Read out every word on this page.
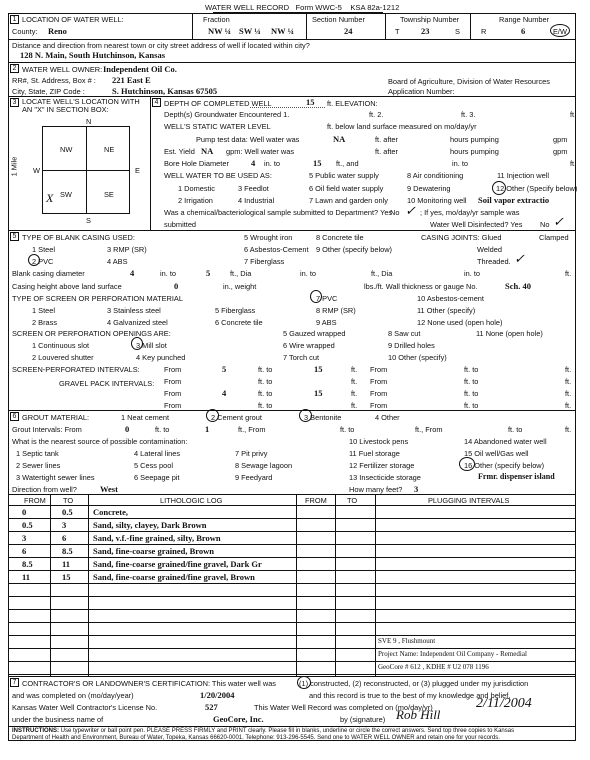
WATER WELL RECORD Form WWC-5 KSA 82a-1212
1 LOCATION OF WATER WELL:
County: Reno
Fraction
NW ¼ SW ¼ NW ¼
Section Number
24
Township Number
T	23	S
Range Number
R	6	E/W
Distance and direction from nearest town or city street address of well if located within city?
128 N. Main, South Hutchinson, Kansas
2 WATER WELL OWNER: Independent Oil Co.
RR#, St. Address, Box # : 221 East E
City, State, ZIP Code :	S. Hutchinson, Kansas 67505
Board of Agriculture, Division of Water Resources
Application Number:
3 LOCATE WELL'S LOCATION WITH AN "X" IN SECTION BOX:
N
NW	NE
SW	SE
X
W	E
S
1 Mile
4 DEPTH OF COMPLETED WELL	15 ft. ELEVATION:
Depth(s) Groundwater Encountered 1.	ft. 2.	ft. 3.	ft.
WELL'S STATIC WATER LEVEL	ft. below land surface measured on mo/day/yr
Pump test data: Well water was	NA	ft. after	hours pumping	gpm
Est. Yield NA gpm: Well water was	ft. after	hours pumping	gpm
Bore Hole Diameter	4 in. to	15 ft., and	in. to	ft.
WELL WATER TO BE USED AS:	5 Public water supply	8 Air conditioning	11 Injection well
1 Domestic	3 Feedlot	6 Oil field water supply	9 Dewatering	12 Other (Specify below)
2 Irrigation	4 Industrial	7 Lawn and garden only	10 Monitoring well Soil vapor extractio
Was a chemical/bacteriological sample submitted to Department? Yes
No ✓ ; If yes, mo/day/yr sample was
submitted	Water Well Disinfected? Yes No ✓
5 TYPE OF BLANK CASING USED:	5 Wrought iron	8 Concrete tile	CASING JOINTS: Glued	Clamped
1 Steel	3 RMP (SR)	6 Asbestos-Cement 9 Other (specify below)	Welded
2 PVC	4 ABS	7 Fiberglass	Threaded. ✓
Blank casing diameter	4	in. to	5	ft., Dia	in. to	ft., Dia	in. to	ft.
Casing height above land surface	0	in., weight	lbs./ft. Wall thickness or gauge No.	Sch. 40
TYPE OF SCREEN OR PERFORATION MATERIAL	7 PVC	10 Asbestos-cement
1 Steel	3 Stainless steel	5 Fiberglass	8 RMP (SR)	11 Other (specify)
2 Brass	4 Galvanized steel	6 Concrete tile	9 ABS	12 None used (open hole)
SCREEN OR PERFORATION OPENINGS ARE:	5 Gauzed wrapped	8 Saw cut	11 None (open hole)
1 Continuous slot	3 Mill slot	6 Wire wrapped	9 Drilled holes
2 Louvered shutter	4 Key punched	7 Torch cut	10 Other (specify)
SCREEN-PERFORATED INTERVALS:	From	5	ft. to	15	ft. From	ft. to	ft.
From	ft. to	ft. From	ft. to	ft.
GRAVEL PACK INTERVALS:
From	4	ft. to	15	ft. From	ft. to	ft.
From	ft. to	ft. From	ft. to	ft.
6 GROUT MATERIAL:	1 Neat cement	2 Cement grout	3 Bentonite	4 Other
Grout Intervals: From	0	ft. to	1	ft., From	ft. to	ft., From	ft. to	ft.
What is the nearest source of possible contamination:	10 Livestock pens	14 Abandoned water well
1 Septic tank	4 Lateral lines	7 Pit privy	11 Fuel storage	15 Oil well/Gas well
2 Sewer lines	5 Cess pool	8 Sewage lagoon	12 Fertilizer storage	16 Other (specify below)
3 Watertight sewer lines	6 Seepage pit	9 Feedyard	13 Insecticide storage	Frmr. dispenser island
Direction from well?	West	How many feet? 3
FROM TO	LITHOLOGIC LOG	FROM	TO	PLUGGING INTERVALS
0	0.5 Concrete,
0.5	3	Sand, silty, clayey, Dark Brown
3	6	Sand, v.f.-fine grained, silty, Brown
6	8.5 Sand, fine-coarse grained, Brown
8.5	11	Sand, fine-coarse grained/fine gravel, Dark Gr
11	15	Sand, fine-coarse grained/fine gravel, Brown
SVE 9 , Flushmount
Project Name: Independent Oil Company - Remedial
GeoCore # 612 , KDHE # U2 078 1196
7 CONTRACTOR'S OR LANDOWNER'S CERTIFICATION: This water well was	(1) constructed, (2) reconstructed, or (3) plugged under my jurisdiction
and was completed on (mo/day/year)	1/20/2004	and this record is true to the best of my knowledge and belief.
Kansas Water Well Contractor's License No.	527	This Water Well Record was completed on (mo/day/yr)	2/11/2004
under the business name of	GeoCore, Inc.	by (signature) Rob Hill
INSTRUCTIONS: Use typewriter or ball point pen. PLEASE PRESS FIRMLY and PRINT clearly. Please fill in blanks, underline or circle the correct answers. Send top three copies to Kansas
Department of Health and Environment, Bureau of Water, Topeka, Kansas 66620-0001. Telephone: 913-296-5545. Send one to WATER WELL OWNER and retain one for your records.
